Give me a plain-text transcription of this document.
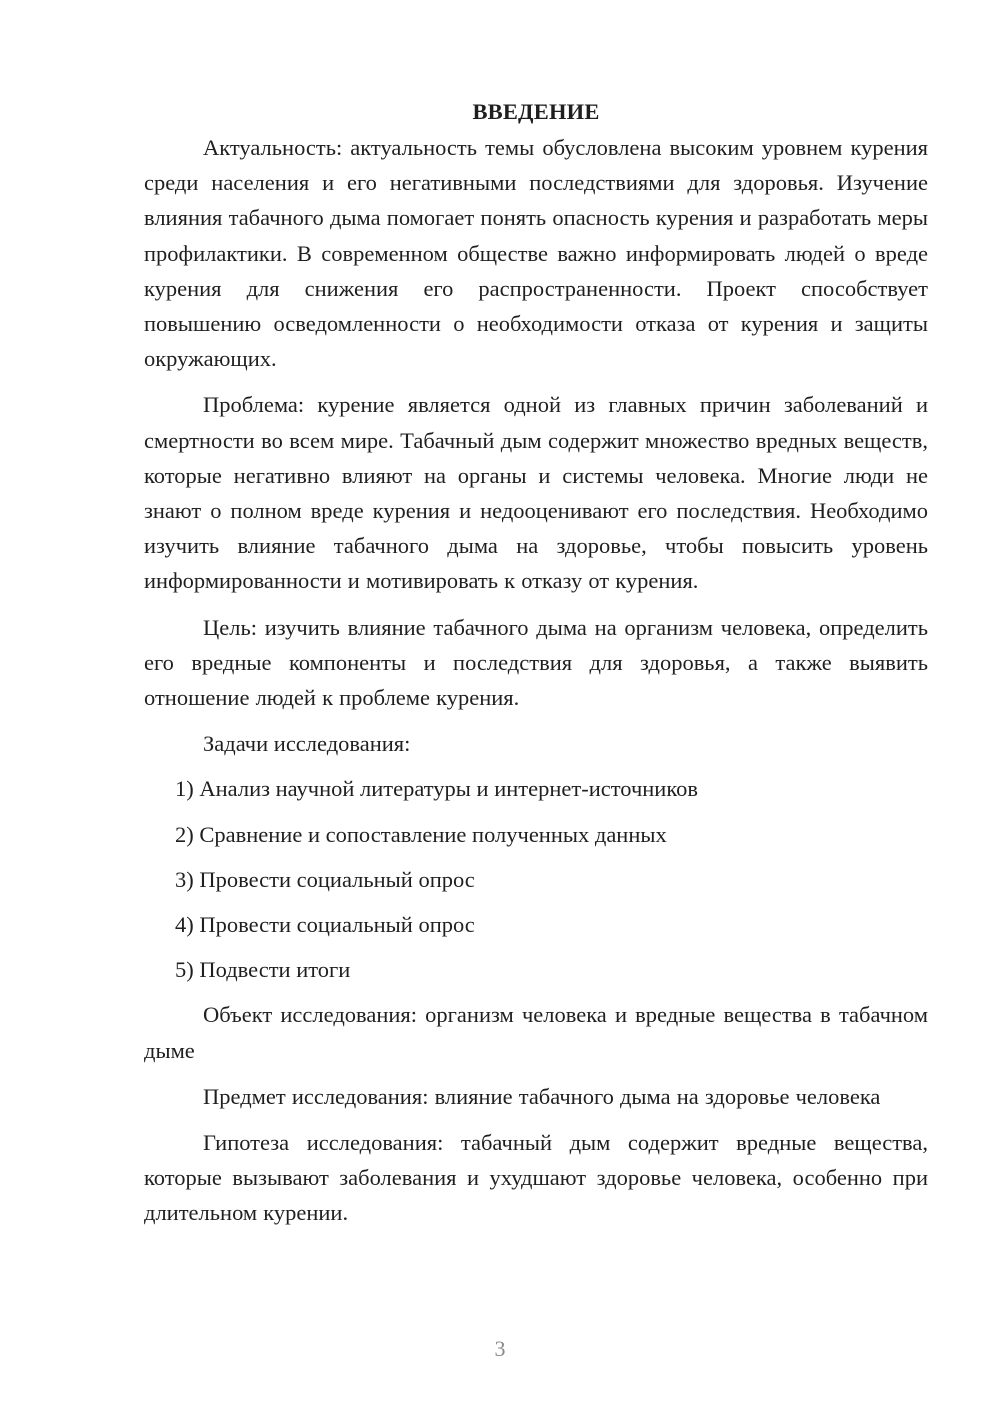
ВВЕДЕНИЕ

Актуальность: актуальность темы обусловлена высоким уровнем курения среди населения и его негативными последствиями для здоровья. Изучение влияния табачного дыма помогает понять опасность курения и разработать меры профилактики. В современном обществе важно информировать людей о вреде курения для снижения его распространенности. Проект способствует повышению осведомленности о необходимости отказа от курения и защиты окружающих.

Проблема: курение является одной из главных причин заболеваний и смертности во всем мире. Табачный дым содержит множество вредных веществ, которые негативно влияют на органы и системы человека. Многие люди не знают о полном вреде курения и недооценивают его последствия. Необходимо изучить влияние табачного дыма на здоровье, чтобы повысить уровень информированности и мотивировать к отказу от курения.

Цель: изучить влияние табачного дыма на организм человека, определить его вредные компоненты и последствия для здоровья, а также выявить отношение людей к проблеме курения.

Задачи исследования:

1) Анализ научной литературы и интернет-источников

2) Сравнение и сопоставление полученных данных

3) Провести социальный опрос

4) Провести социальный опрос

5) Подвести итоги

Объект исследования: организм человека и вредные вещества в табачном дыме

Предмет исследования: влияние табачного дыма на здоровье человека

Гипотеза исследования: табачный дым содержит вредные вещества, которые вызывают заболевания и ухудшают здоровье человека, особенно при длительном курении.

3
